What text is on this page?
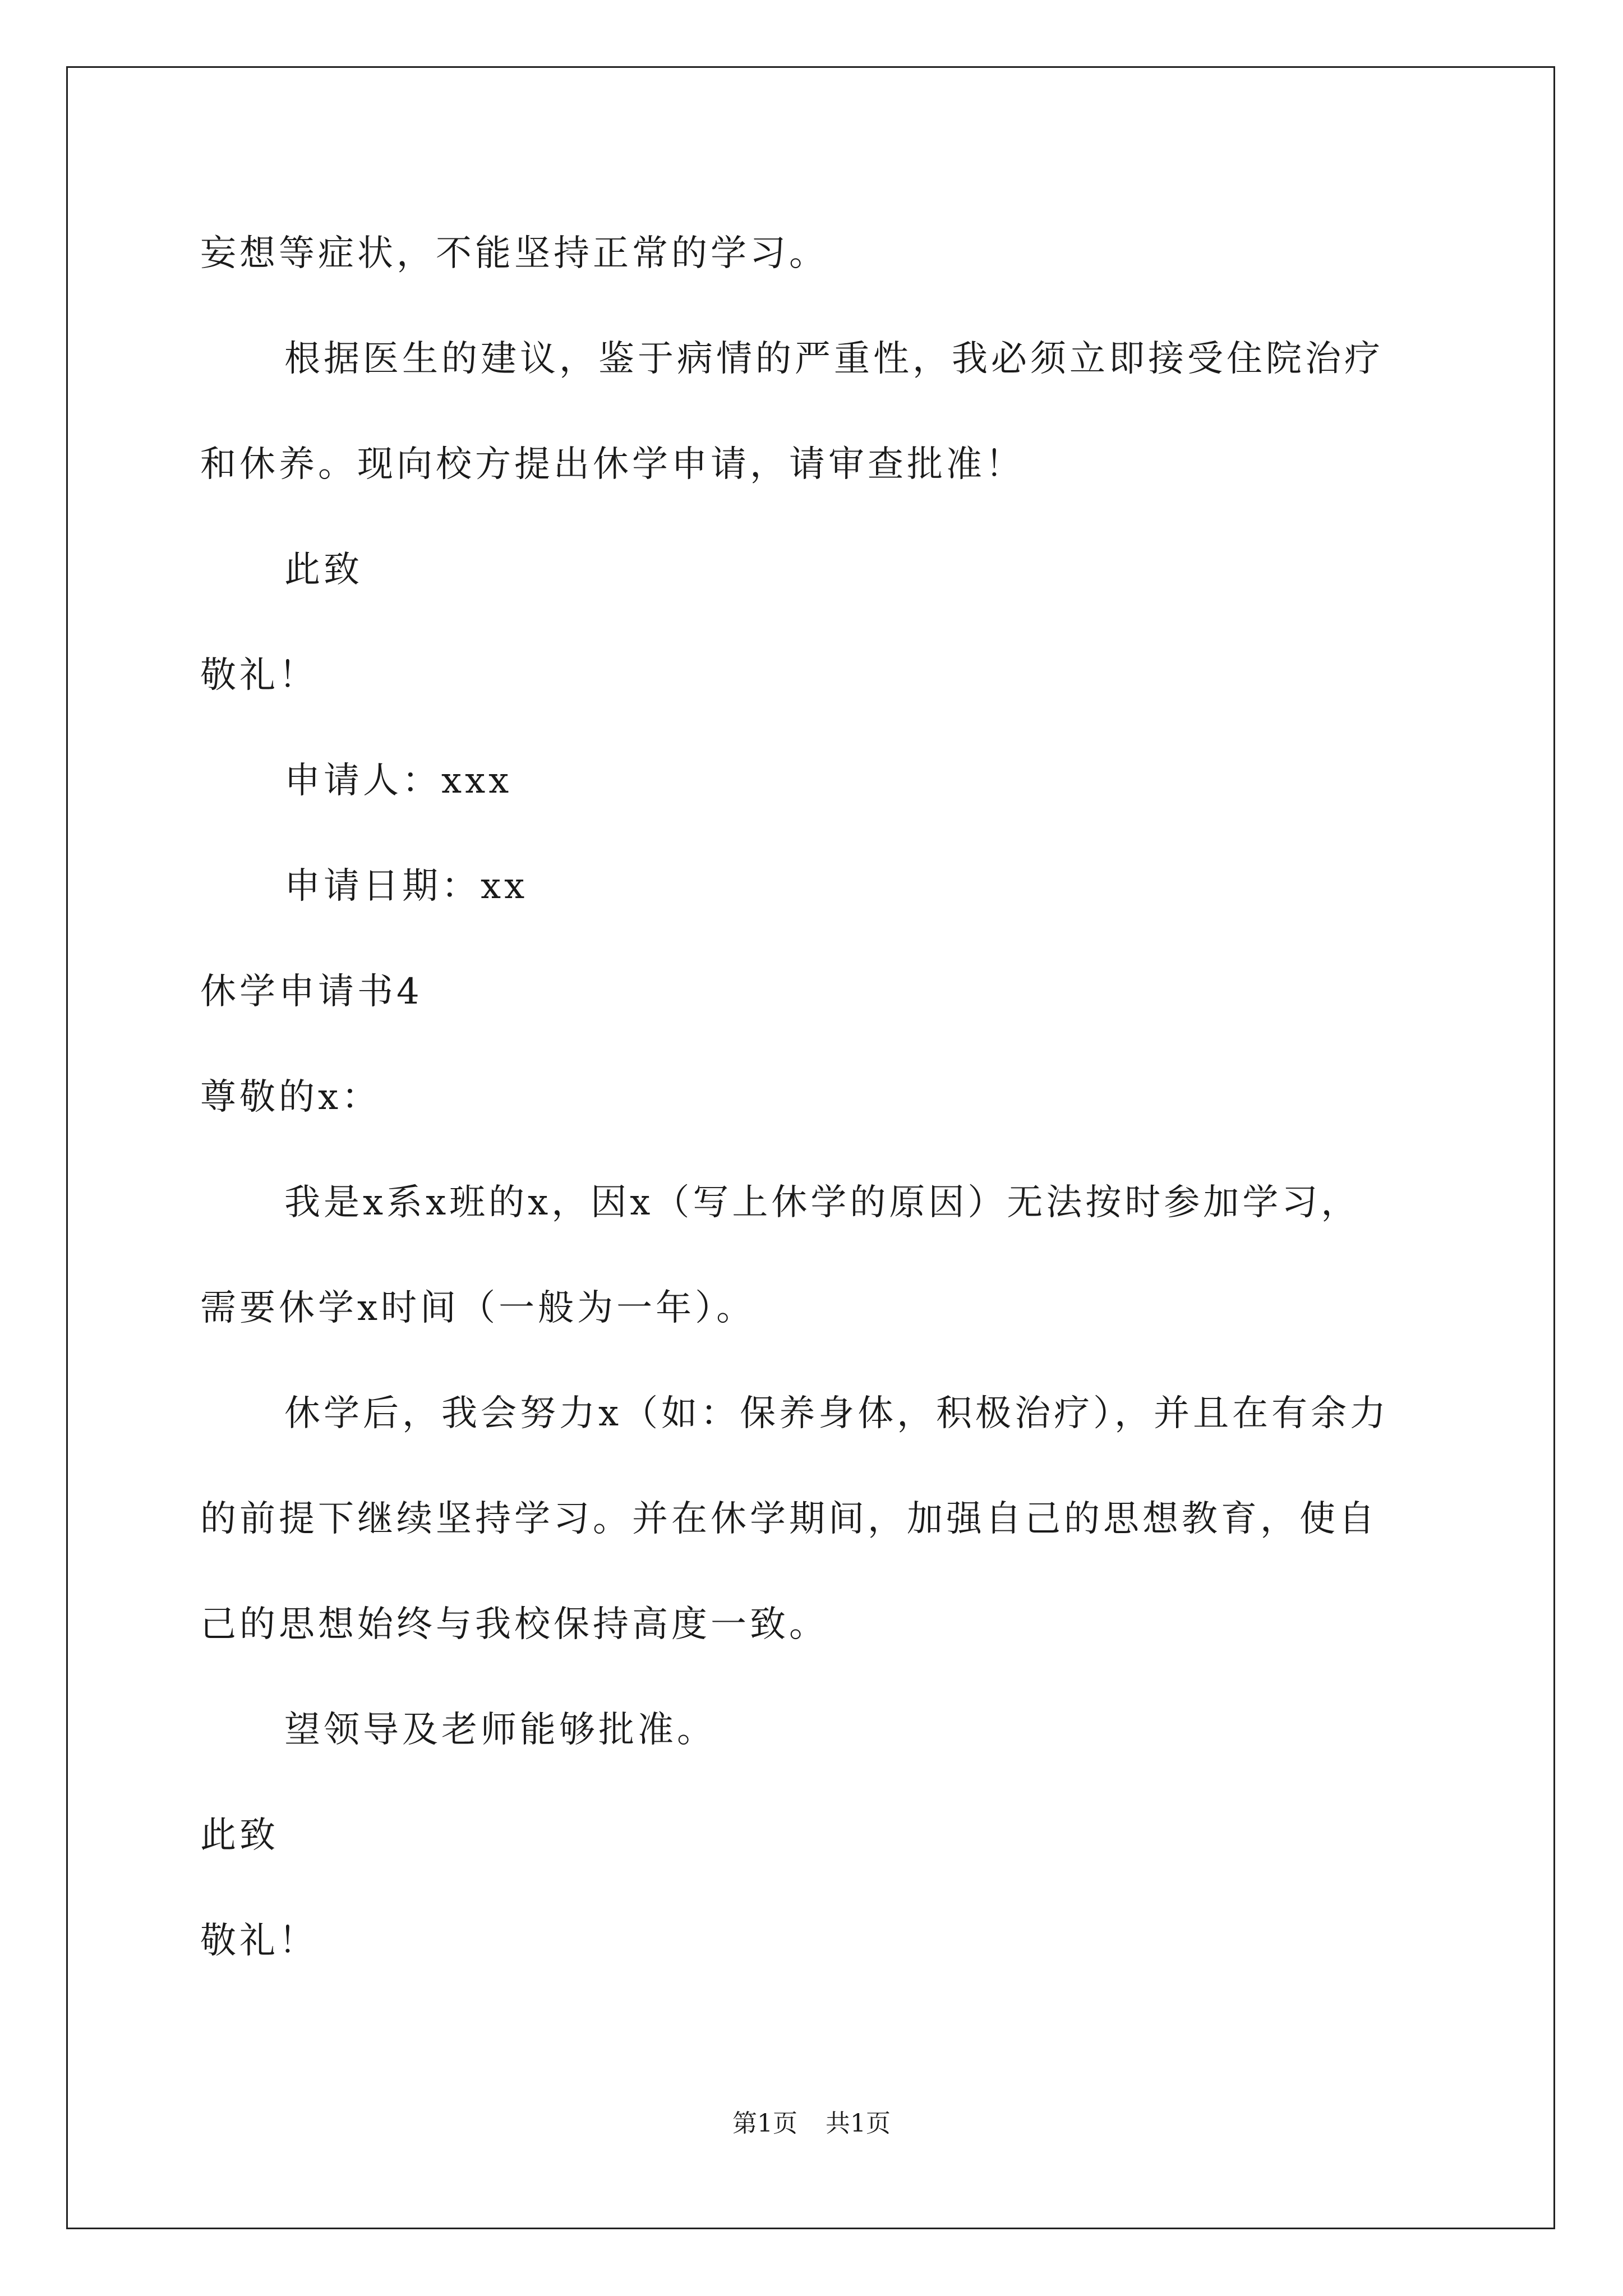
妄想等症状，不能坚持正常的学习。
根据医生的建议，鉴于病情的严重性，我必须立即接受住院治疗
和休养。现向校方提出休学申请，请审查批准！
此致
敬礼！
申请人：xxx
申请日期：xx
休学申请书4
尊敬的x：
我是x系x班的x，因x（写上休学的原因）无法按时参加学习，
需要休学x时间（一般为一年）。
休学后，我会努力x（如：保养身体，积极治疗），并且在有余力
的前提下继续坚持学习。并在休学期间，加强自己的思想教育，使自
己的思想始终与我校保持高度一致。
望领导及老师能够批准。
此致
敬礼！
第1页 共1页
